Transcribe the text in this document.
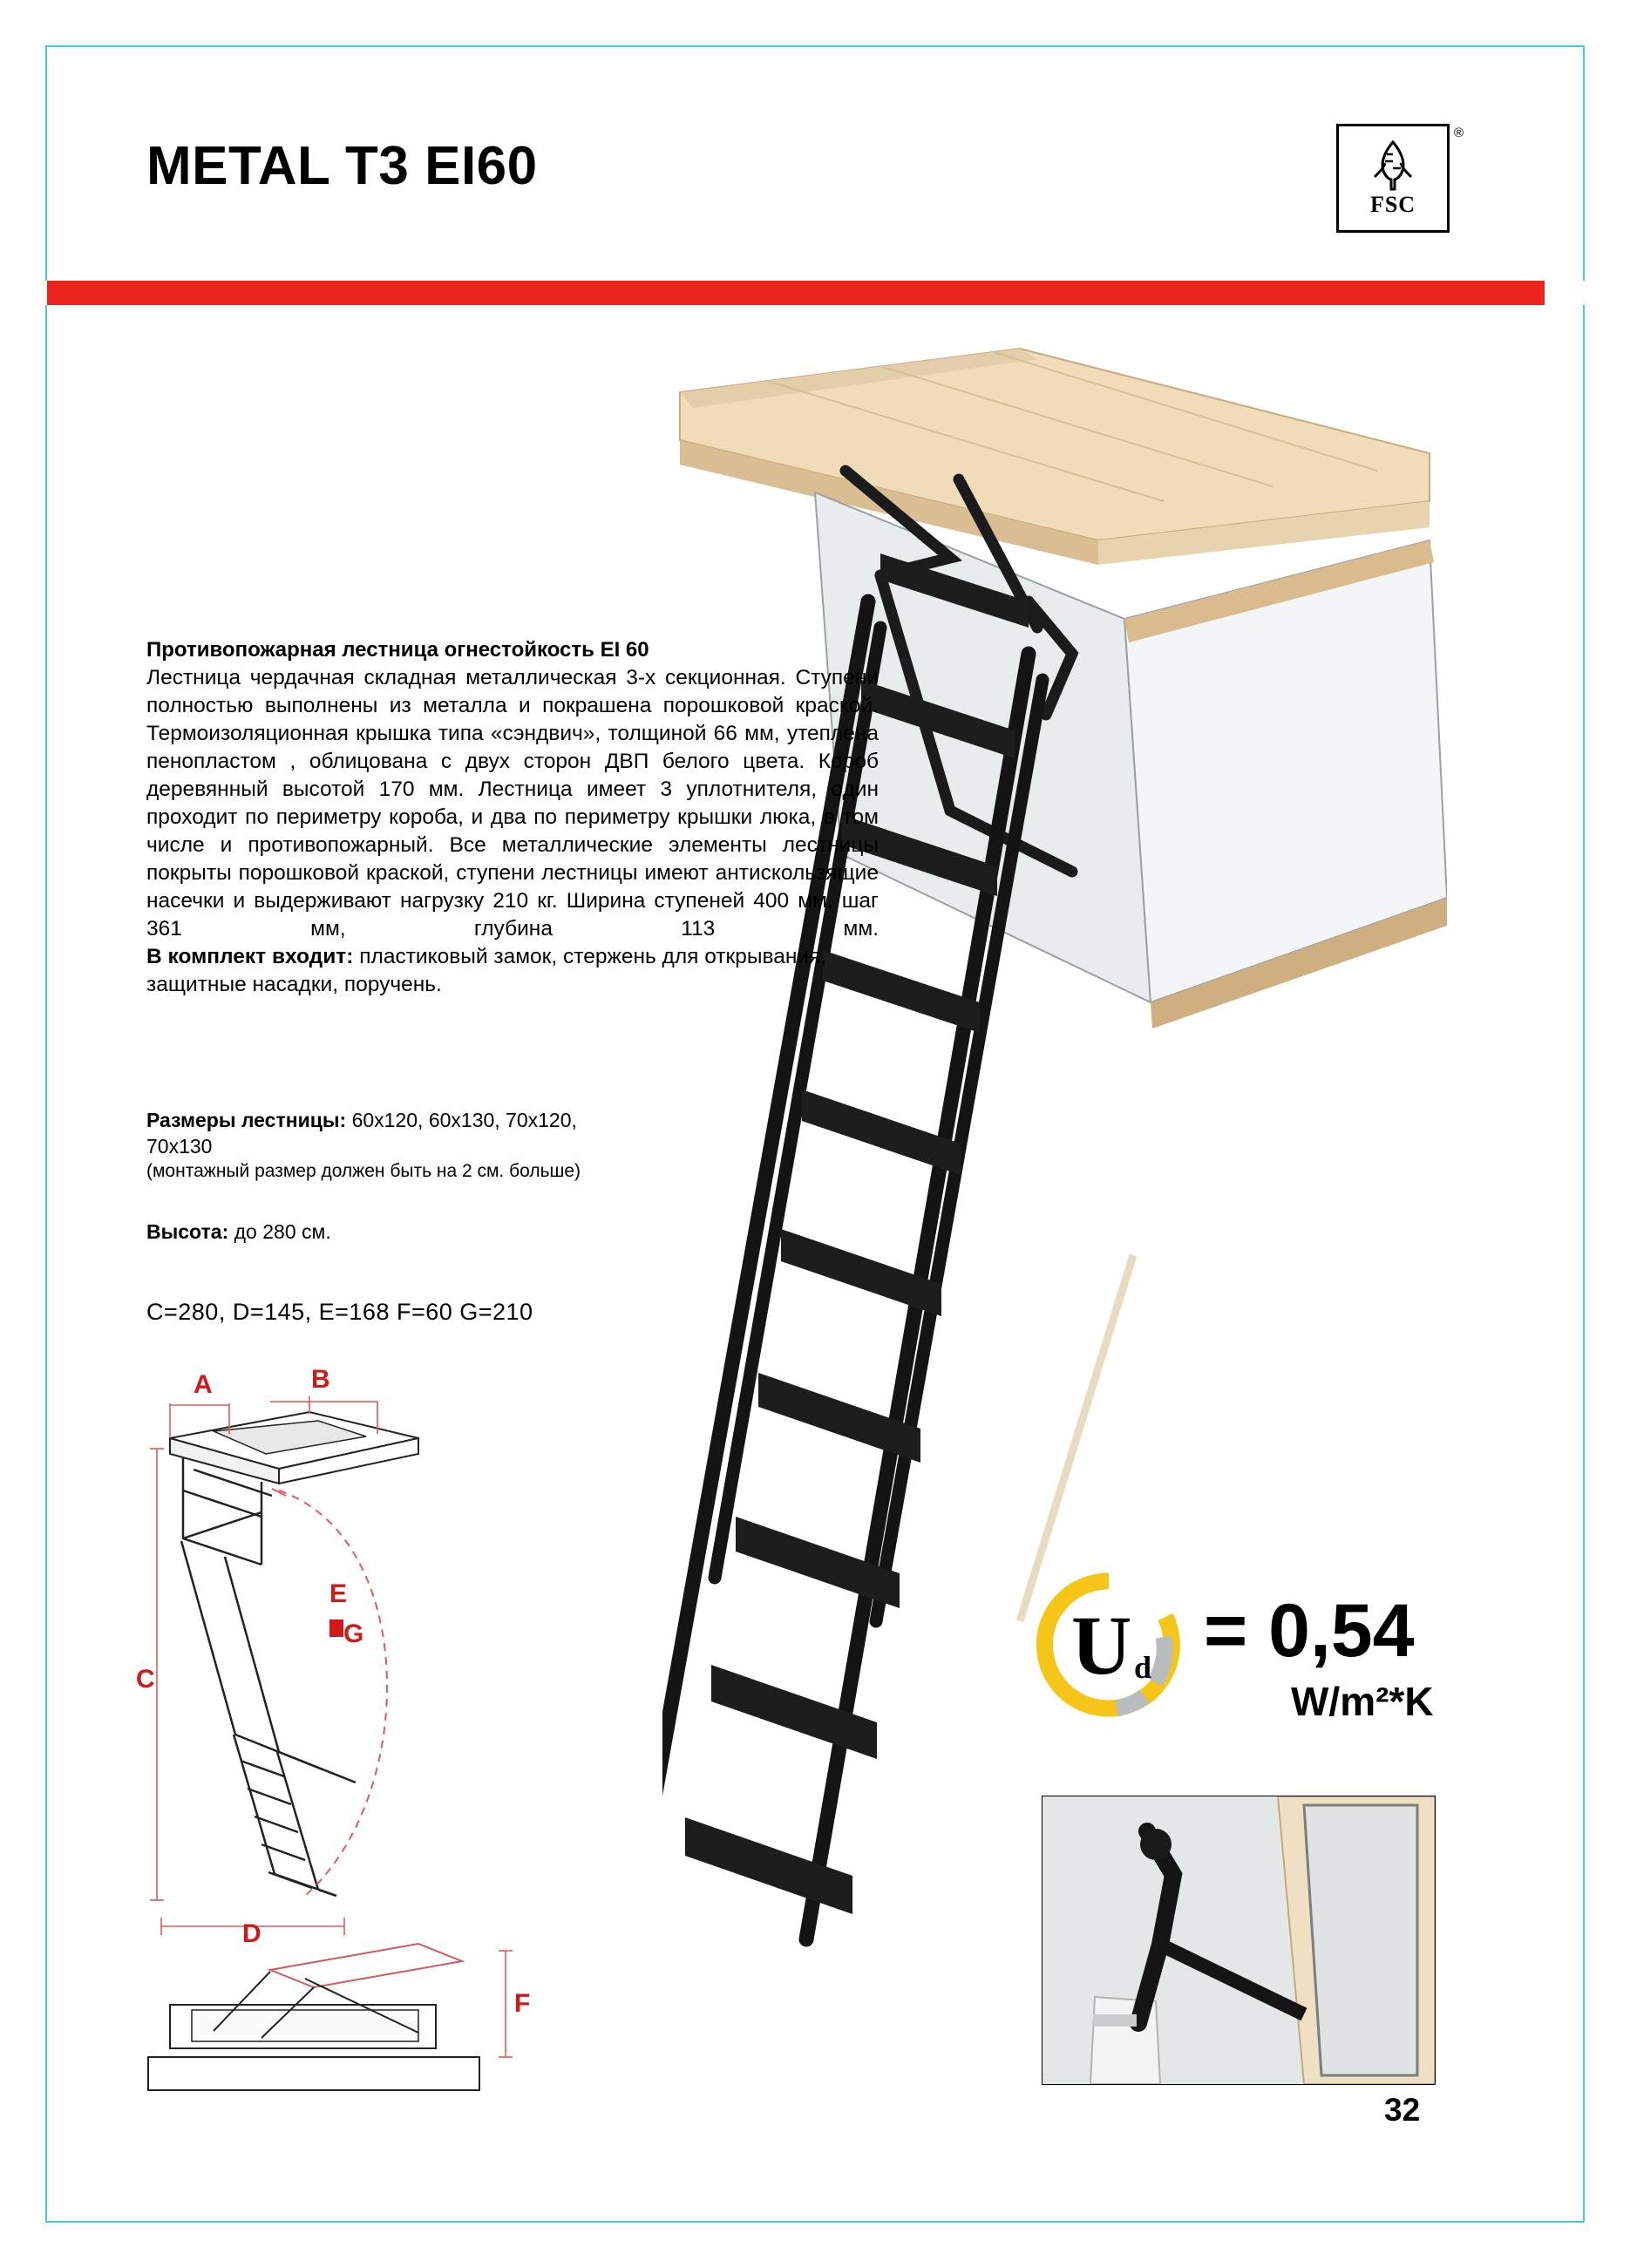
METAL T3 EI60
FSC
®

Противопожарная лестница огнестойкость EI 60

Лестница чердачная складная металлическая 3-х секционная. Ступени полностью выполнены из металла и покрашена порошковой краской. Термоизоляционная крышка типа «сэндвич», толщиной 66 мм, утеплена пенопластом , облицована с двух сторон ДВП белого цвета. Короб деревянный высотой 170 мм. Лестница имеет 3 уплотнителя, один проходит по периметру короба, и два по периметру крышки люка, в том числе и противопожарный. Все металлические элементы лестницы покрыты порошковой краской, ступени лестницы имеют антискользящие насечки и выдерживают нагрузку 210 кг. Ширина ступеней 400 мм, шаг 361 мм, глубина 113 мм.

В комплект входит: пластиковый замок, стержень для открывания, защитные насадки, поручень.

Размеры лестницы: 60х120, 60х130, 70х120, 70х130
(монтажный размер должен быть на 2 см. больше)
Высота: до 280 см.
C=280, D=145, E=168 F=60 G=210
A	B
C
D
E
G
F
U d = 0,54
W/m²*K
32
